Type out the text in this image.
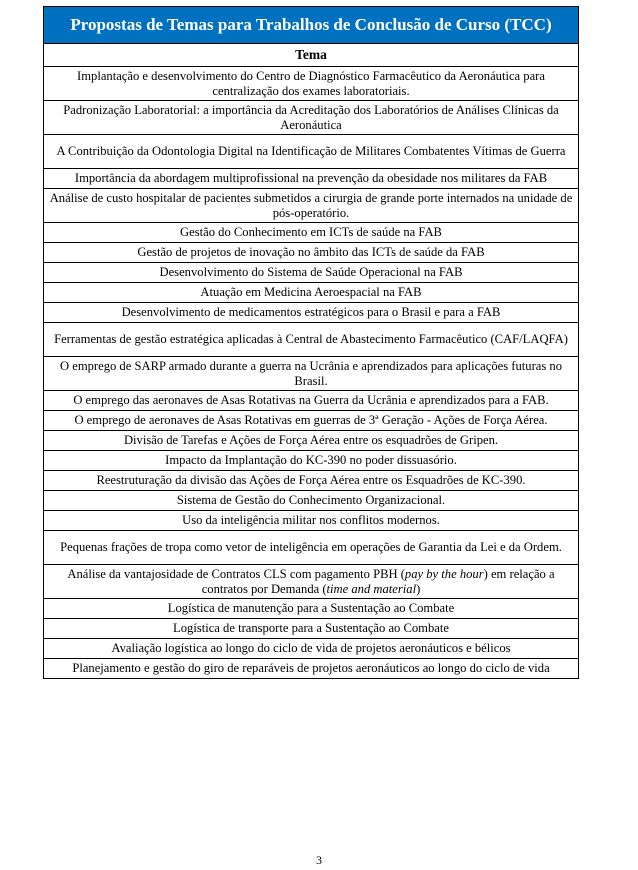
Propostas de Temas para Trabalhos de Conclusão de Curso (TCC)
Tema
Implantação e desenvolvimento do Centro de Diagnóstico Farmacêutico da Aeronáutica para centralização dos exames laboratoriais.
Padronização Laboratorial: a importância da Acreditação dos Laboratórios de Análises Clínicas da Aeronáutica
A Contribuição da Odontologia Digital na Identificação de Militares Combatentes Vítimas de Guerra
Importância da abordagem multiprofissional na prevenção da obesidade nos militares da FAB
Análise de custo hospitalar de pacientes submetidos a cirurgia de grande porte internados na unidade de pós-operatório.
Gestão do Conhecimento em ICTs de saúde na FAB
Gestão de projetos de inovação no âmbito das ICTs de saúde da FAB
Desenvolvimento do Sistema de Saúde Operacional na FAB
Atuação em Medicina Aeroespacial na FAB
Desenvolvimento de medicamentos estratégicos para o Brasil e para a FAB
Ferramentas de gestão estratégica aplicadas à Central de Abastecimento Farmacêutico (CAF/LAQFA)
O emprego de SARP armado durante a guerra na Ucrânia e aprendizados para aplicações futuras no Brasil.
O emprego das aeronaves de Asas Rotativas na Guerra da Ucrânia e aprendizados para a FAB.
O emprego de aeronaves de Asas Rotativas em guerras de 3ª Geração - Ações de Força Aérea.
Divisão de Tarefas e Ações de Força Aérea entre os esquadrões de Gripen.
Impacto da Implantação do KC-390 no poder dissuasório.
Reestruturação da divisão das Ações de Força Aérea entre os Esquadrões de KC-390.
Sistema de Gestão do Conhecimento Organizacional.
Uso da inteligência militar nos conflitos modernos.
Pequenas frações de tropa como vetor de inteligência em operações de Garantia da Lei e da Ordem.
Análise da vantajosidade de Contratos CLS com pagamento PBH (pay by the hour) em relação a contratos por Demanda (time and material)
Logística de manutenção para a Sustentação ao Combate
Logística de transporte para a Sustentação ao Combate
Avaliação logística ao longo do ciclo de vida de projetos aeronáuticos e bélicos
Planejamento e gestão do giro de reparáveis de projetos aeronáuticos ao longo do ciclo de vida
3
